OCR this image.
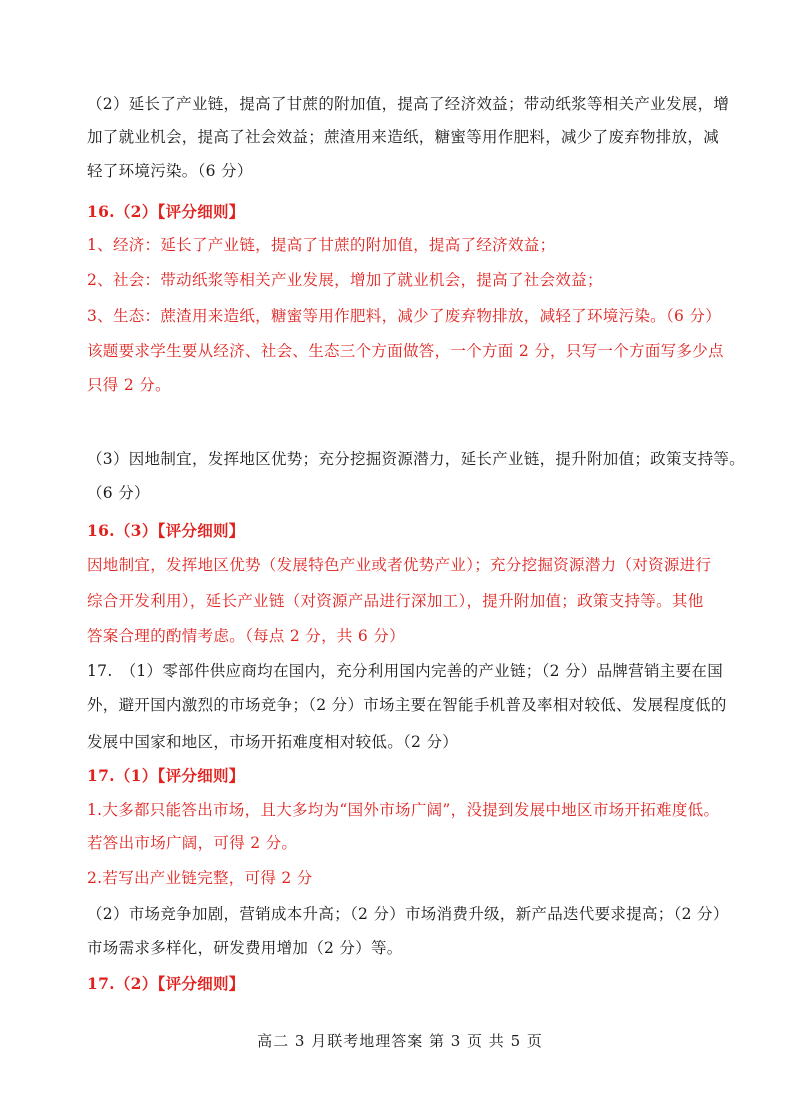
（2）延长了产业链，提高了甘蔗的附加值，提高了经济效益；带动纸浆等相关产业发展，增
加了就业机会，提高了社会效益；蔗渣用来造纸，糖蜜等用作肥料，减少了废弃物排放，减
轻了环境污染。（6 分）
16.（2）【评分细则】
1、经济：延长了产业链，提高了甘蔗的附加值，提高了经济效益；
2、社会：带动纸浆等相关产业发展，增加了就业机会，提高了社会效益；
3、生态：蔗渣用来造纸，糖蜜等用作肥料，减少了废弃物排放，减轻了环境污染。（6 分）
该题要求学生要从经济、社会、生态三个方面做答，一个方面 2 分，只写一个方面写多少点
只得 2 分。
（3）因地制宜，发挥地区优势；充分挖掘资源潜力，延长产业链，提升附加值；政策支持等。
（6 分）
16.（3）【评分细则】
因地制宜，发挥地区优势（发展特色产业或者优势产业）；充分挖掘资源潜力（对资源进行
综合开发利用），延长产业链（对资源产品进行深加工），提升附加值；政策支持等。其他
答案合理的酌情考虑。（每点 2 分，共 6 分）
17.　（1）零部件供应商均在国内，充分利用国内完善的产业链；（2 分）品牌营销主要在国
外，避开国内激烈的市场竞争；（2 分）市场主要在智能手机普及率相对较低、发展程度低的
发展中国家和地区，市场开拓难度相对较低。（2 分）
17.（1）【评分细则】
1.大多都只能答出市场，且大多均为“国外市场广阔”，没提到发展中地区市场开拓难度低。
若答出市场广阔，可得 2 分。
2.若写出产业链完整，可得 2 分
（2）市场竞争加剧，营销成本升高；（2 分）市场消费升级，新产品迭代要求提高；（2 分）
市场需求多样化，研发费用增加（2 分）等。
17.（2）【评分细则】
高二 3 月联考地理答案 第 3 页 共 5 页
